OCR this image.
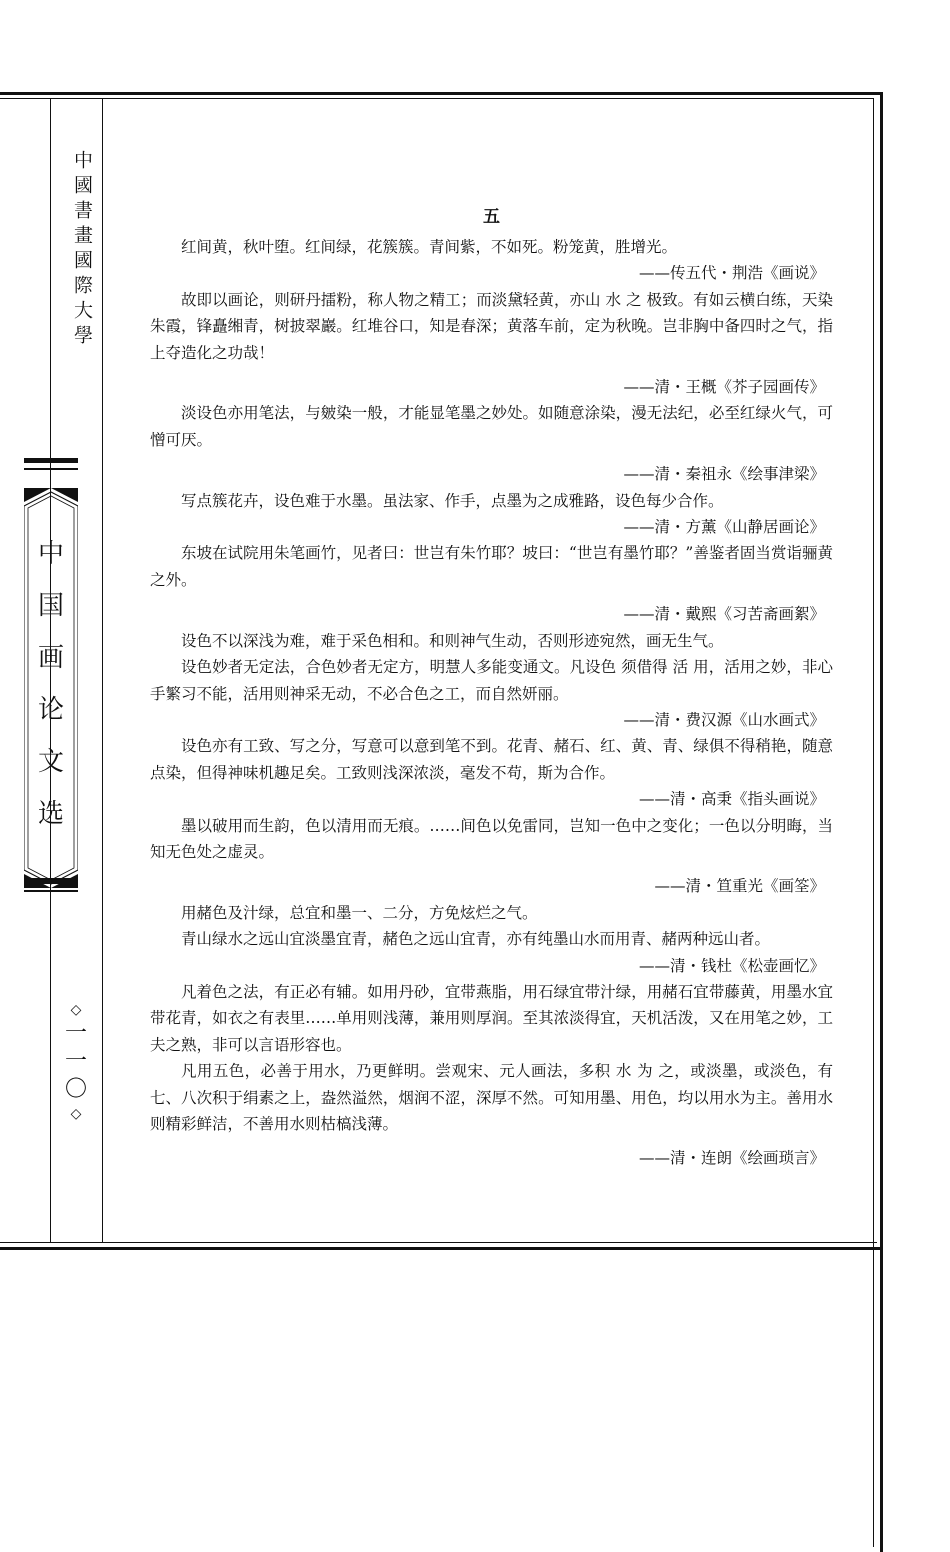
中國書畫國際大學
中
国
画
论
文
选
◇
一
一
〇
◇
五

红间黄，秋叶堕。红间绿，花簇簇。青间紫，不如死。粉笼黄，胜增光。

——传五代・荆浩《画说》

故即以画论，则研丹擂粉，称人物之精工；而淡黛轻黄，亦山 水 之 极致。有如云横白练，天染朱霞，锋矗缃青，树披翠巖。红堆谷口，知是春深；黄落车前，定为秋晚。岂非胸中备四时之气，指上夺造化之功哉！

——清・王概《芥子园画传》

淡设色亦用笔法，与皴染一般，才能显笔墨之妙处。如随意涂染，漫无法纪，必至红绿火气，可憎可厌。

——清・秦祖永《绘事津梁》

写点簇花卉，设色难于水墨。虽法家、作手，点墨为之成雅路，设色每少合作。

——清・方薰《山静居画论》

东坡在试院用朱笔画竹，见者曰：世岂有朱竹耶？坡曰：“世岂有墨竹耶？”善鉴者固当赏诣骊黄之外。

——清・戴熙《习苦斋画絮》

设色不以深浅为难，难于采色相和。和则神气生动，否则形迹宛然，画无生气。

设色妙者无定法，合色妙者无定方，明慧人多能变通文。凡设色 须借得 活 用，活用之妙，非心手繁习不能，活用则神采无动，不必合色之工，而自然妍丽。

——清・费汉源《山水画式》

设色亦有工致、写之分，写意可以意到笔不到。花青、赭石、红、黄、青、绿俱不得稍艳，随意点染，但得神味机趣足矣。工致则浅深浓淡，毫发不苟，斯为合作。

——清・高秉《指头画说》

墨以破用而生韵，色以清用而无痕。……间色以免雷同，岂知一色中之变化；一色以分明晦，当知无色处之虚灵。

——清・笪重光《画筌》

用赭色及汁绿，总宜和墨一、二分，方免炫烂之气。

青山绿水之远山宜淡墨宜青，赭色之远山宜青，亦有纯墨山水而用青、赭两种远山者。

——清・钱杜《松壶画忆》

凡着色之法，有正必有辅。如用丹砂，宜带燕脂，用石绿宜带汁绿，用赭石宜带藤黄，用墨水宜带花青，如衣之有表里……单用则浅薄，兼用则厚润。至其浓淡得宜，天机活泼，又在用笔之妙，工夫之熟，非可以言语形容也。

凡用五色，必善于用水，乃更鲜明。尝观宋、元人画法，多积 水 为 之，或淡墨，或淡色，有七、八次积于绢素之上，盎然溢然，烟润不涩，深厚不然。可知用墨、用色，均以用水为主。善用水则精彩鲜洁，不善用水则枯槁浅薄。

——清・连朗《绘画琐言》
